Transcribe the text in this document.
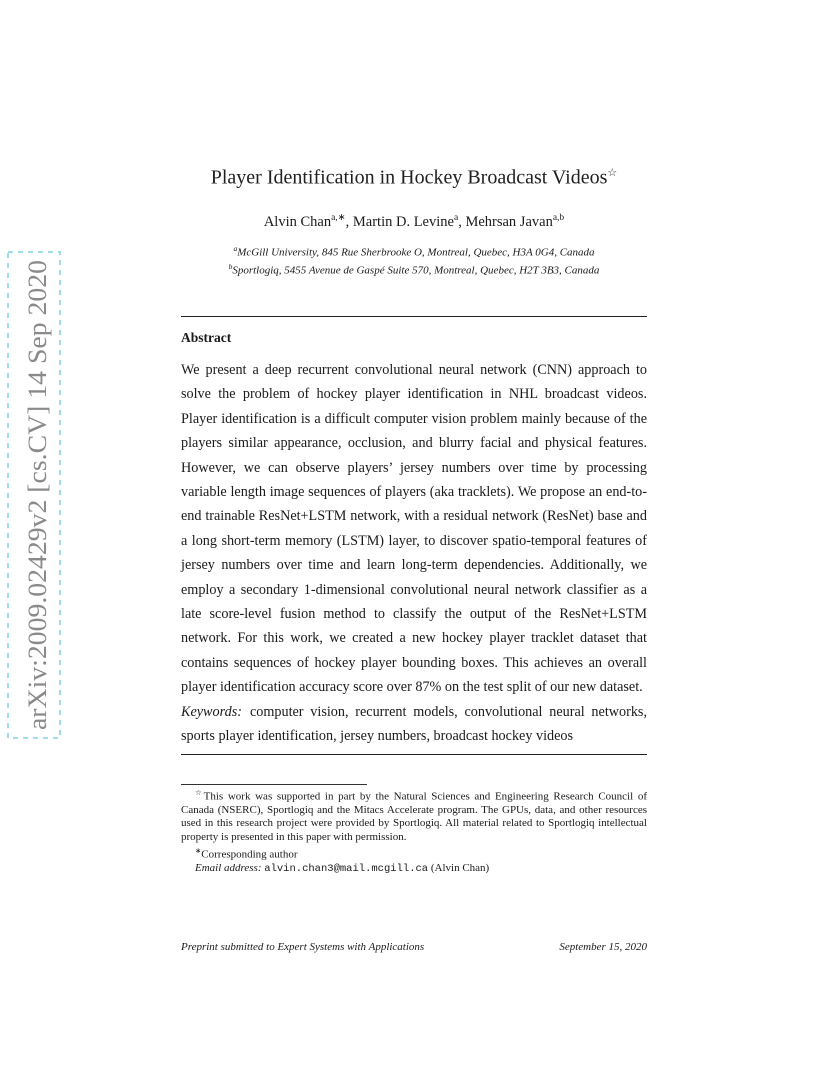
arXiv:2009.02429v2 [cs.CV] 14 Sep 2020
Player Identification in Hockey Broadcast Videos☆
Alvin Chan$^{a,∗}$, Martin D. Levine$^a$, Mehrsan Javan$^{a,b}$
$^a$McGill University, 845 Rue Sherbrooke O, Montreal, Quebec, H3A 0G4, Canada
$^b$Sportlogiq, 5455 Avenue de Gaspé Suite 570, Montreal, Quebec, H2T 3B3, Canada
Abstract

We present a deep recurrent convolutional neural network (CNN) approach to solve the problem of hockey player identification in NHL broadcast videos. Player identification is a difficult computer vision problem mainly because of the players similar appearance, occlusion, and blurry facial and physical features. However, we can observe players’ jersey numbers over time by processing variable length image sequences of players (aka tracklets). We propose an end-to-end trainable ResNet+LSTM network, with a residual network (ResNet) base and a long short-term memory (LSTM) layer, to discover spatio-temporal features of jersey numbers over time and learn long-term dependencies. Additionally, we employ a secondary 1-dimensional convolutional neural network classifier as a late score-level fusion method to classify the output of the ResNet+LSTM network. For this work, we created a new hockey player tracklet dataset that contains sequences of hockey player bounding boxes. This achieves an overall player identification accuracy score over 87% on the test split of our new dataset.

Keywords: computer vision, recurrent models, convolutional neural networks, sports player identification, jersey numbers, broadcast hockey videos

☆This work was supported in part by the Natural Sciences and Engineering Research Council of Canada (NSERC), Sportlogiq and the Mitacs Accelerate program. The GPUs, data, and other resources used in this research project were provided by Sportlogiq. All material related to Sportlogiq intellectual property is presented in this paper with permission.

∗Corresponding author

Email address: alvin.chan3@mail.mcgill.ca (Alvin Chan)

Preprint submitted to Expert Systems with Applications	September 15, 2020
